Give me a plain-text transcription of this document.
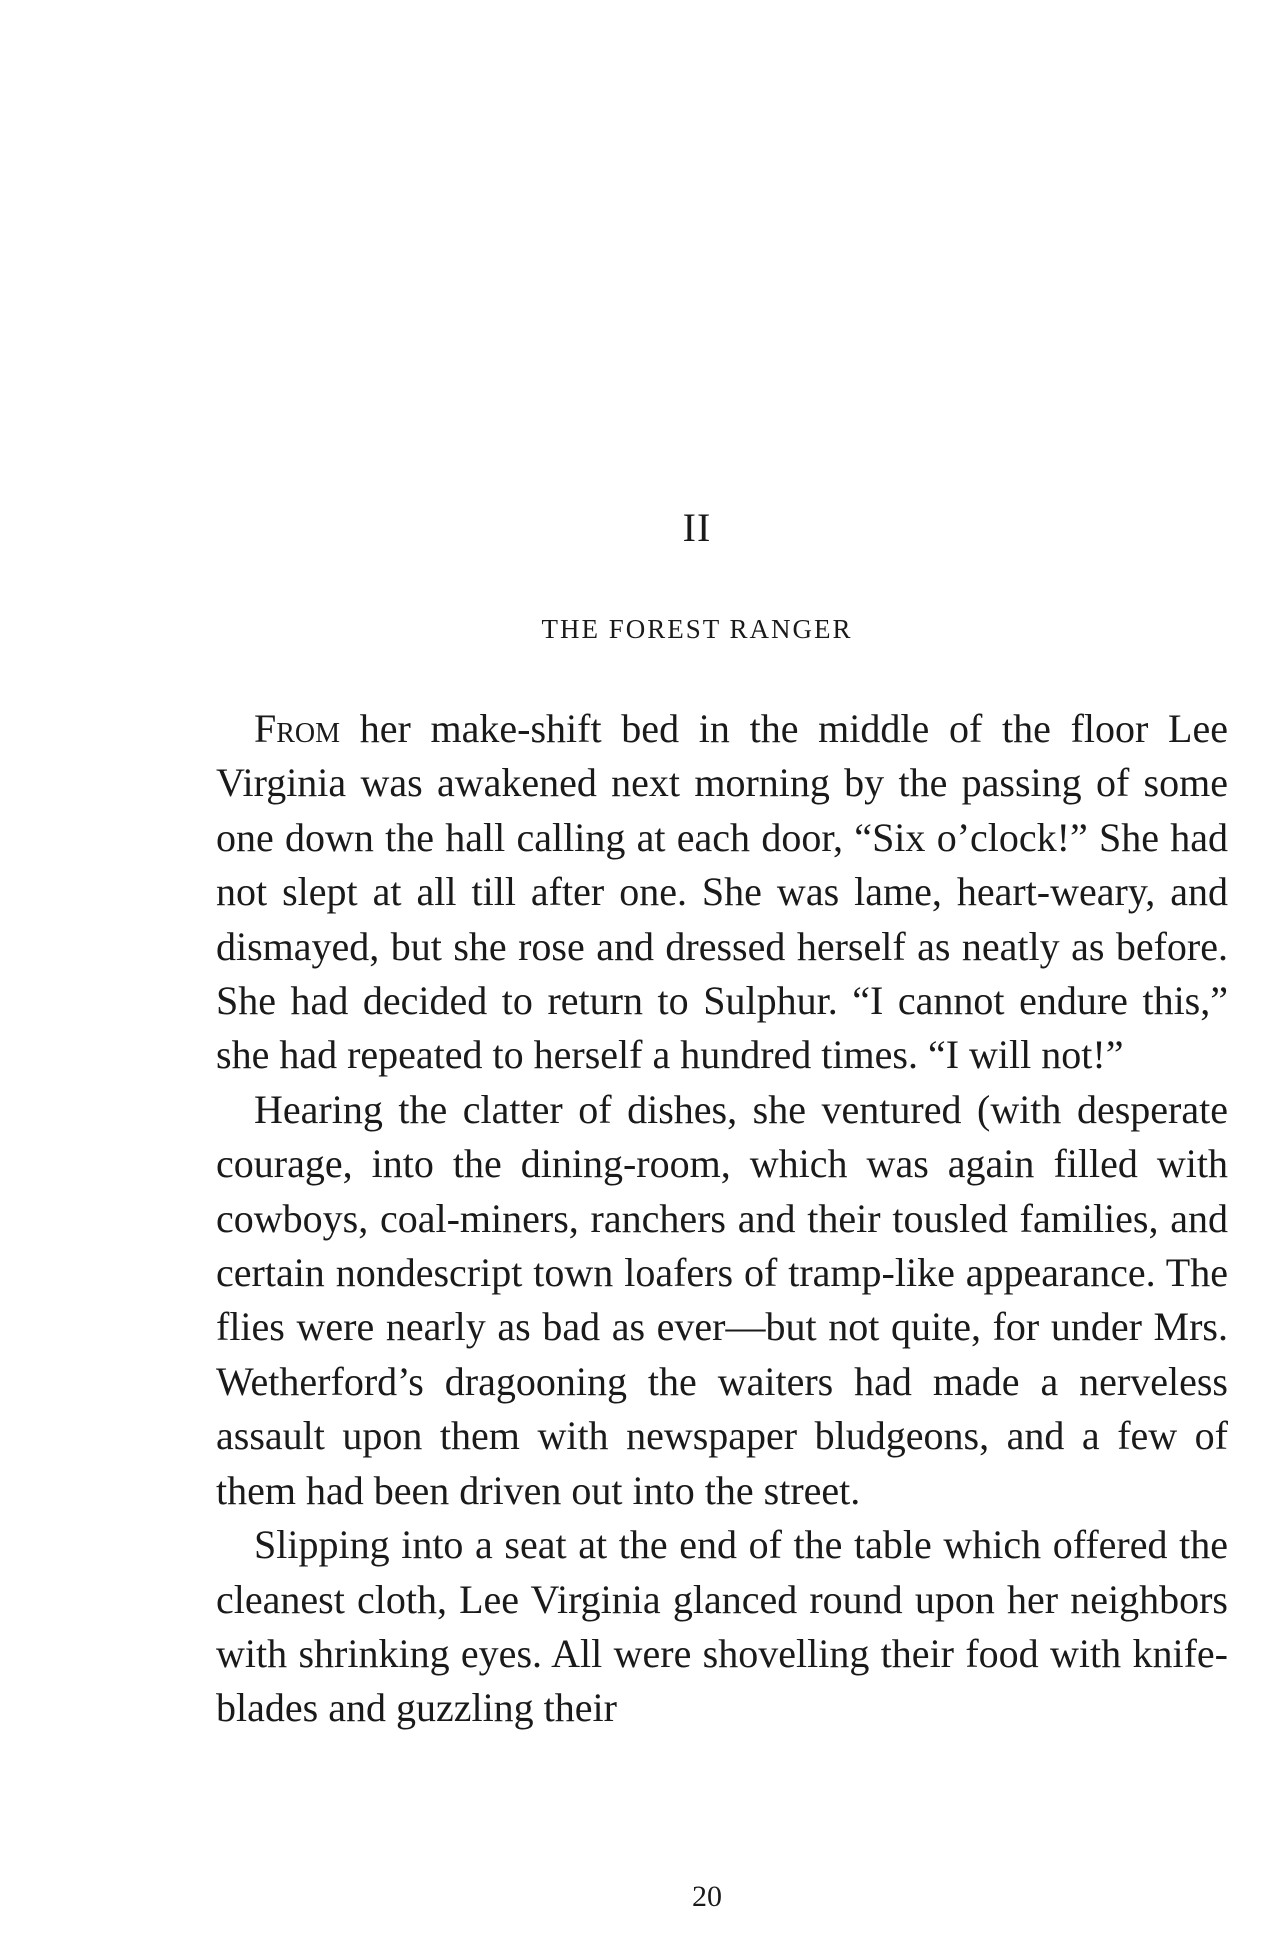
II
THE FOREST RANGER

From her make-shift bed in the middle of the floor Lee Virginia was awakened next morning by the passing of some one down the hall calling at each door, “Six o’clock!” She had not slept at all till after one. She was lame, heart-weary, and dismayed, but she rose and dressed herself as neatly as before. She had decided to return to Sulphur. “I cannot endure this,” she had repeated to herself a hundred times. “I will not!”

Hearing the clatter of dishes, she ventured (with desperate courage, into the dining-room, which was again filled with cowboys, coal-miners, ranchers and their tousled families, and certain nondescript town loafers of tramp-like appearance. The flies were nearly as bad as ever—but not quite, for under Mrs. Wetherford’s dragooning the waiters had made a nerveless assault upon them with newspaper bludgeons, and a few of them had been driven out into the street.

Slipping into a seat at the end of the table which offered the cleanest cloth, Lee Virginia glanced round upon her neighbors with shrinking eyes. All were shovelling their food with knife-blades and guzzling their

20
